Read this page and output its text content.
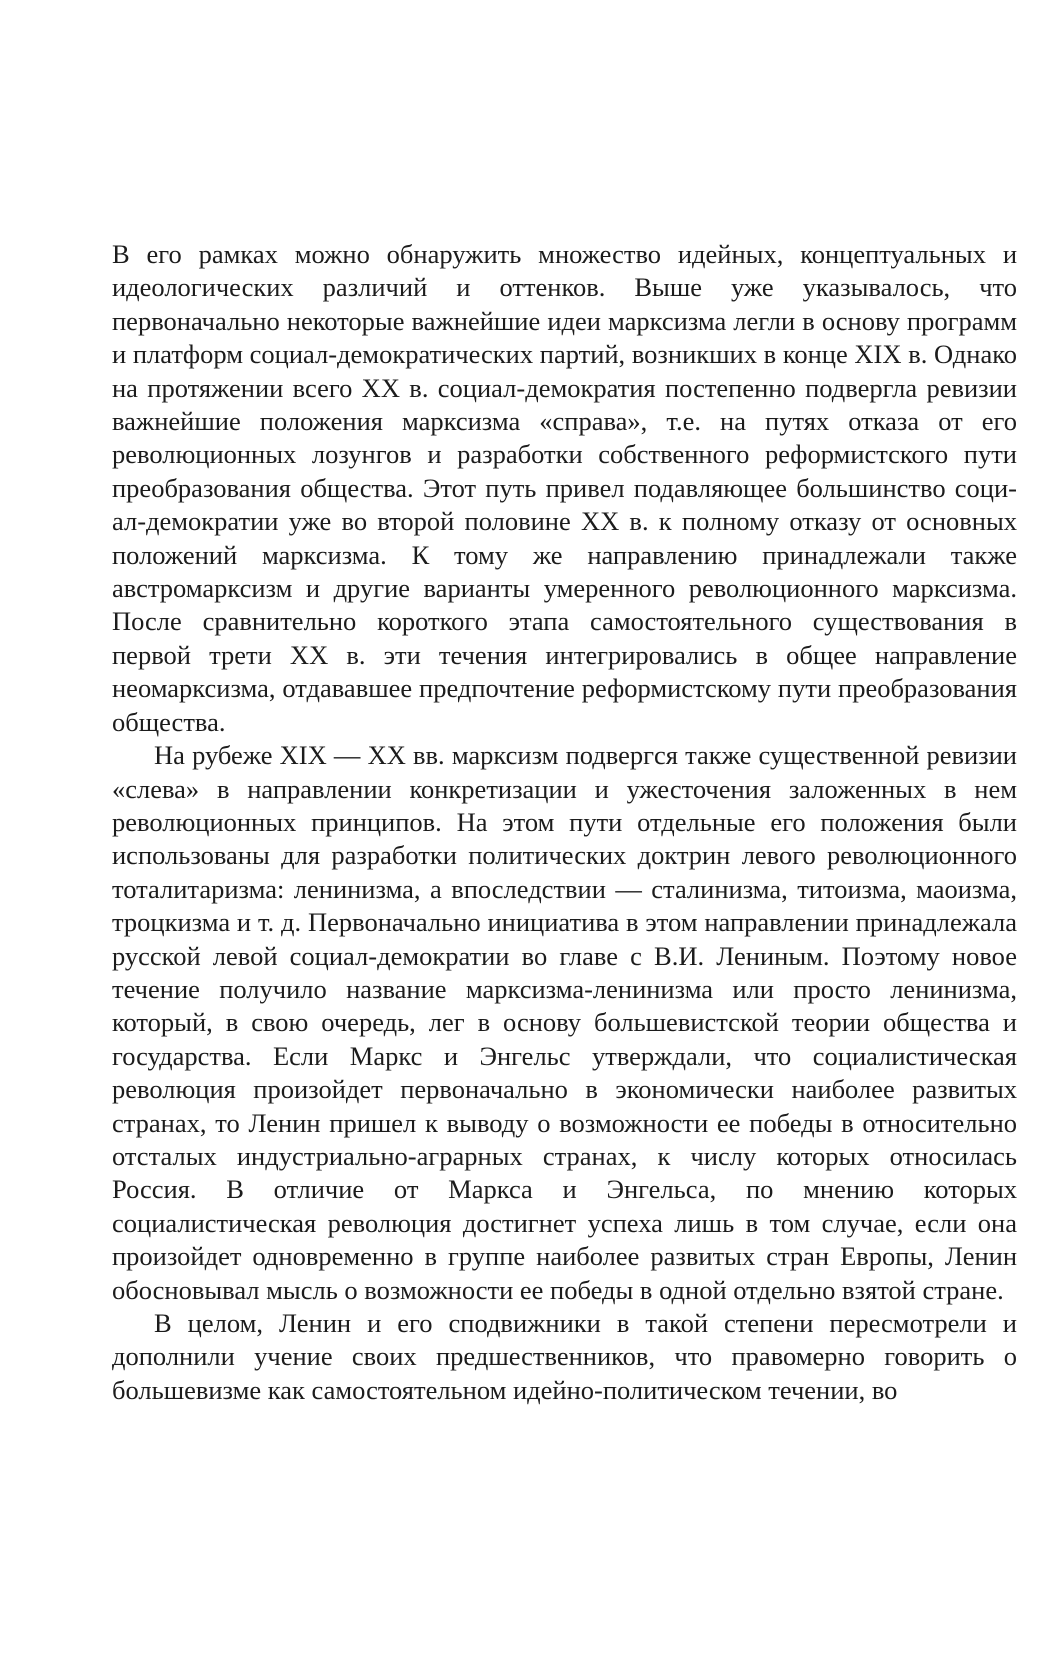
В его рамках можно обнаружить множество идейных, концептуальных и идеологических различий и оттенков. Выше уже указывалось, что первоначально некоторые важнейшие идеи марксизма легли в основу программ и платформ социал-демократических партий, возникших в конце XIX в. Однако на протяжении всего XX в. социал-демократия постепенно подвергла ревизии важнейшие положения марксизма «справа», т.е. на путях отказа от его революционных лозунгов и разработки собственного реформистского пути преобразования общества. Этот путь привел подавляющее большинство социал-демократии уже во второй половине XX в. к полному отказу от основных положений марксизма. К тому же направлению принадлежали также австромарксизм и другие варианты умеренного революционного марксизма. После сравнительно короткого этапа самостоятельного существования в первой трети XX в. эти течения интегрировались в общее направление неомарксизма, отдававшее предпочтение реформистскому пути преобразования общества.

На рубеже XIX — XX вв. марксизм подвергся также существенной ревизии «слева» в направлении конкретизации и ужесточения заложенных в нем революционных принципов. На этом пути отдельные его положения были использованы для разработки политических доктрин левого революционного тоталитаризма: ленинизма, а впоследствии — сталинизма, титоизма, маоизма, троцкизма и т. д. Первоначально инициатива в этом направлении принадлежала русской левой социал-демократии во главе с В.И. Лениным. Поэтому новое течение получило название марксизма-ленинизма или просто ленинизма, который, в свою очередь, лег в основу большевистской теории общества и государства. Если Маркс и Энгельс утверждали, что социалистическая революция произойдет первоначально в экономически наиболее развитых странах, то Ленин пришел к выводу о возможности ее победы в относительно отсталых индустриально-аграрных странах, к числу которых относилась Россия. В отличие от Маркса и Энгельса, по мнению которых социалистическая революция достигнет успеха лишь в том случае, если она произойдет одновременно в группе наиболее развитых стран Европы, Ленин обосновывал мысль о возможности ее победы в одной отдельно взятой стране.

В целом, Ленин и его сподвижники в такой степени пересмотрели и дополнили учение своих предшественников, что правомерно говорить о большевизме как самостоятельном идейно-политическом течении, во
